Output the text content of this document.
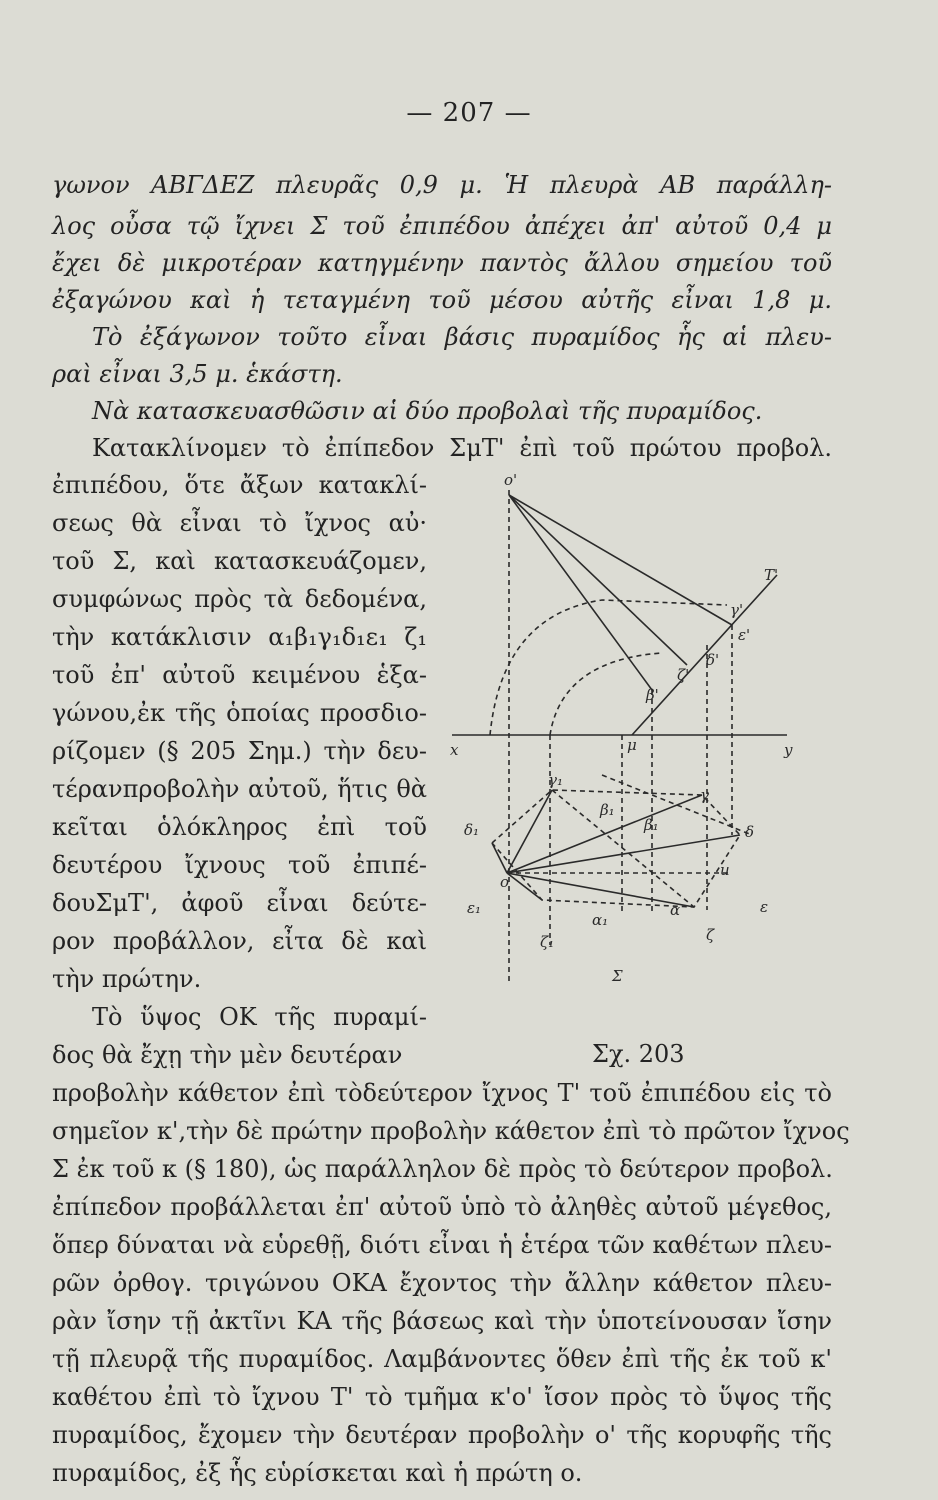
— 207 —
γωνον ΑΒΓΔΕΖ πλευρᾶς 0,9 μ. Ἡ πλευρὰ ΑΒ παράλλη-
λος οὖσα τῷ ἴχνει Σ τοῦ ἐπιπέδου ἀπέχει ἀπ' αὐτοῦ 0,4 μ
ἔχει δὲ μικροτέραν κατηγμένην παντὸς ἄλλου σημείου τοῦ
ἐξαγώνου καὶ ἡ τεταγμένη τοῦ μέσου αὐτῆς εἶναι 1,8 μ.
Τὸ ἐξάγωνον τοῦτο εἶναι βάσις πυραμίδος ἧς αἱ πλευ-
ραὶ εἶναι 3,5 μ. ἑκάστη.
Νὰ κατασκευασθῶσιν αἱ δύο προβολαὶ τῆς πυραμίδος.
Κατακλίνομεν τὸ ἐπίπεδον ΣμΤ' ἐπὶ τοῦ πρώτου προβολ.
ἐπιπέδου, ὅτε ἄξων κατακλί-
σεως θὰ εἶναι τὸ ἴχνος αὐ·
τοῦ Σ, καὶ κατασκευάζομεν,
συμφώνως πρὸς τὰ δεδομένα,
τὴν κατάκλισιν α₁β₁γ₁δ₁ε₁ ζ₁
τοῦ ἐπ' αὐτοῦ κειμένου ἑξα-
γώνου,ἐκ τῆς ὁποίας προσδιο-
ρίζομεν (§ 205 Σημ.) τὴν δευ-
τέρανπροβολὴν αὐτοῦ, ἥτις θὰ
κεῖται ὁλόκληρος ἐπὶ τοῦ
δευτέρου ἴχνους τοῦ ἐπιπέ-
δουΣμΤ', ἀφοῦ εἶναι δεύτε-
ρον προβάλλον, εἶτα δὲ καὶ
τὴν πρώτην.
Τὸ ὕψος ΟΚ τῆς πυραμί-
δος θὰ ἔχῃ τὴν μὲν δευτέραν	Σχ. 203
o'
T'
x	y
μ
Σ
o
u
γ₁
β₁
β₁
δ₁	δ
ε₁	ε
α₁
α
ζ₁	ζ
γ
ε'
γ'
ζ'
δ'
β'
προβολὴν κάθετον ἐπὶ τὸδεύτερον ἴχνος Τ' τοῦ ἐπιπέδου εἰς τὸ
σημεῖον κ',τὴν δὲ πρώτην προβολὴν κάθετον ἐπὶ τὸ πρῶτον ἴχνος
Σ ἐκ τοῦ κ (§ 180), ὡς παράλληλον δὲ πρὸς τὸ δεύτερον προβολ.
ἐπίπεδον προβάλλεται ἐπ' αὐτοῦ ὑπὸ τὸ ἀληθὲς αὐτοῦ μέγεθος,
ὅπερ δύναται νὰ εὑρεθῇ, διότι εἶναι ἡ ἑτέρα τῶν καθέτων πλευ-
ρῶν ὀρθογ. τριγώνου ΟΚΑ ἔχοντος τὴν ἄλλην κάθετον πλευ-
ρὰν ἴσην τῇ ἀκτῖνι ΚΑ τῆς βάσεως καὶ τὴν ὑποτείνουσαν ἴσην
τῇ πλευρᾷ τῆς πυραμίδος. Λαμβάνοντες ὅθεν ἐπὶ τῆς ἐκ τοῦ κ'
καθέτου ἐπὶ τὸ ἴχνου Τ' τὸ τμῆμα κ'ο' ἴσον πρὸς τὸ ὕψος τῆς
πυραμίδος, ἔχομεν τὴν δευτέραν προβολὴν ο' τῆς κορυφῆς τῆς
πυραμίδος, ἐξ ἧς εὑρίσκεται καὶ ἡ πρώτη ο.
